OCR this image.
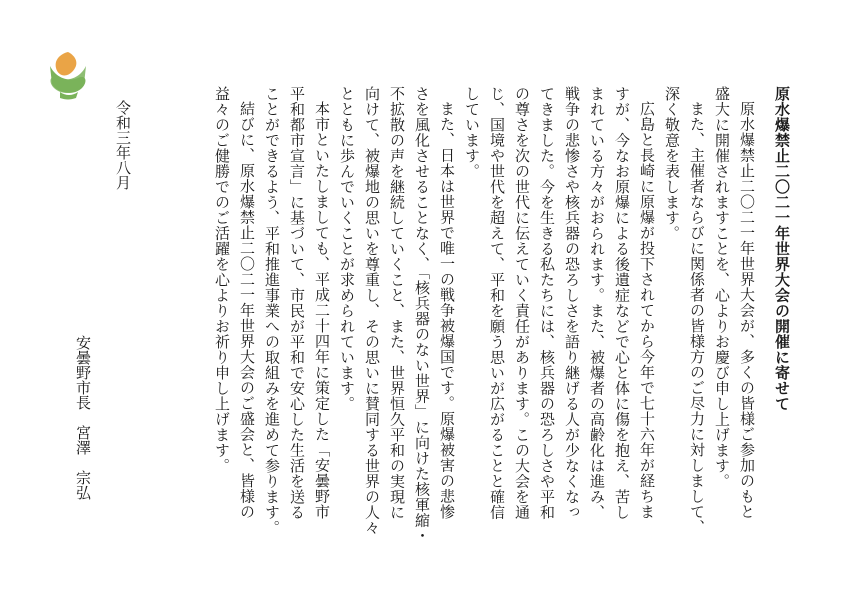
原水爆禁止二〇二一年世界大会の開催に寄せて
原水爆禁止二〇二一年世界大会が、多くの皆様ご参加のもと
盛大に開催されますことを、心よりお慶び申し上げます。
また、主催者ならびに関係者の皆様方のご尽力に対しまして、
深く敬意を表します。
広島と長崎に原爆が投下されてから今年で七十六年が経ちま
すが、今なお原爆による後遺症などで心と体に傷を抱え、苦し
まれている方々がおられます。また、被爆者の高齢化は進み、
戦争の悲惨さや核兵器の恐ろしさを語り継げる人が少なくなっ
てきました。今を生きる私たちには、核兵器の恐ろしさや平和
の尊さを次の世代に伝えていく責任があります。この大会を通
じ、国境や世代を超えて、平和を願う思いが広がることと確信
しています。
また、日本は世界で唯一の戦争被爆国です。原爆被害の悲惨
さを風化させることなく、「核兵器のない世界」に向けた核軍縮・
不拡散の声を継続していくこと、また、世界恒久平和の実現に
向けて、被爆地の思いを尊重し、その思いに賛同する世界の人々
とともに歩んでいくことが求められています。
本市といたしましても、平成二十四年に策定した「安曇野市
平和都市宣言」に基づいて、市民が平和で安心した生活を送る
ことができるよう、平和推進事業への取組みを進めて参ります。
結びに、原水爆禁止二〇二一年世界大会のご盛会と、皆様の
益々のご健勝でのご活躍を心よりお祈り申し上げます。
令和三年八月
安曇野市長　宮澤　宗弘
